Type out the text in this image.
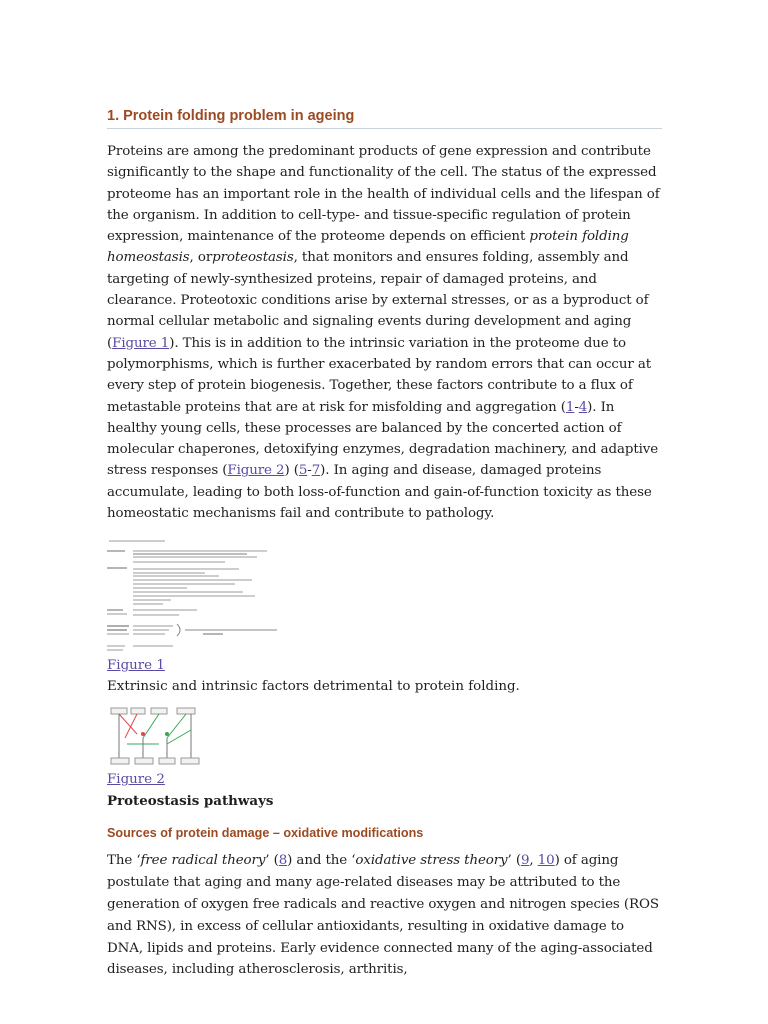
1. Protein folding problem in ageing

Proteins are among the predominant products of gene expression and contribute significantly to the shape and functionality of the cell. The status of the expressed proteome has an important role in the health of individual cells and the lifespan of the organism. In addition to cell-type- and tissue-specific regulation of protein expression, maintenance of the proteome depends on efficient protein folding homeostasis, orproteostasis, that monitors and ensures folding, assembly and targeting of newly-synthesized proteins, repair of damaged proteins, and clearance. Proteotoxic conditions arise by external stresses, or as a byproduct of normal cellular metabolic and signaling events during development and aging (Figure 1). This is in addition to the intrinsic variation in the proteome due to polymorphisms, which is further exacerbated by random errors that can occur at every step of protein biogenesis. Together, these factors contribute to a flux of metastable proteins that are at risk for misfolding and aggregation (1-4). In healthy young cells, these processes are balanced by the concerted action of molecular chaperones, detoxifying enzymes, degradation machinery, and adaptive stress responses (Figure 2) (5-7). In aging and disease, damaged proteins accumulate, leading to both loss-of-function and gain-of-function toxicity as these homeostatic mechanisms fail and contribute to pathology.

Figure 1

Extrinsic and intrinsic factors detrimental to protein folding.

Figure 2

Proteostasis pathways

Sources of protein damage – oxidative modifications

The ‘free radical theory’ (8) and the ‘oxidative stress theory’ (9, 10) of aging postulate that aging and many age-related diseases may be attributed to the generation of oxygen free radicals and reactive oxygen and nitrogen species (ROS and RNS), in excess of cellular antioxidants, resulting in oxidative damage to DNA, lipids and proteins. Early evidence connected many of the aging-associated diseases, including atherosclerosis, arthritis,
